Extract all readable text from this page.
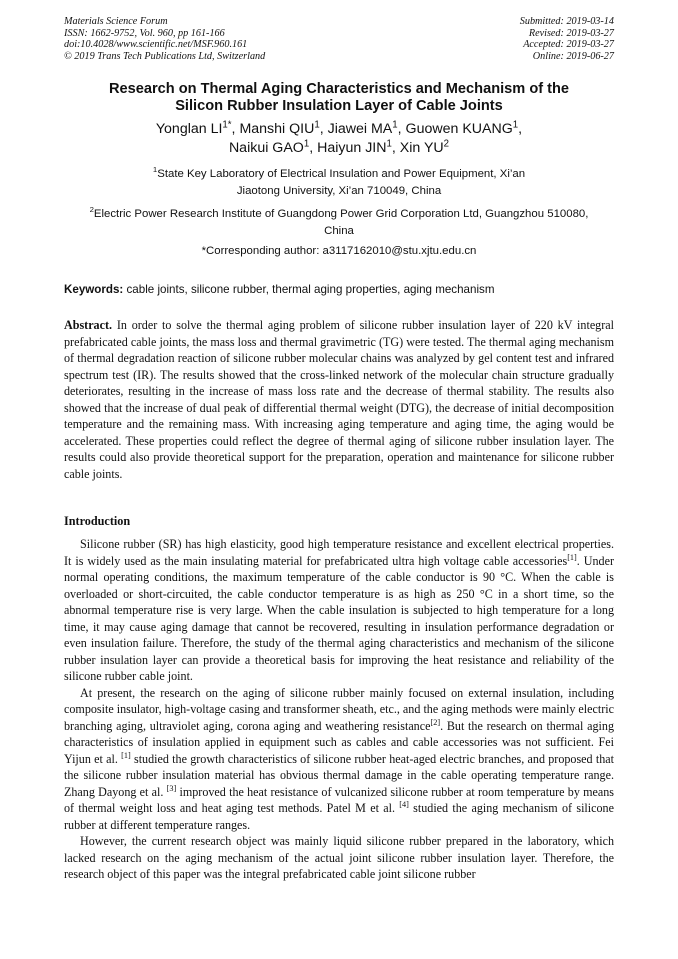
Materials Science Forum
ISSN: 1662-9752, Vol. 960, pp 161-166
doi:10.4028/www.scientific.net/MSF.960.161
© 2019 Trans Tech Publications Ltd, Switzerland
Submitted: 2019-03-14
Revised: 2019-03-27
Accepted: 2019-03-27
Online: 2019-06-27
Research on Thermal Aging Characteristics and Mechanism of the
Silicon Rubber Insulation Layer of Cable Joints
Yonglan $LI^{1*}$, Manshi QIU$^1$, Jiawei $MA^1$, Guowen KUANG$^1$,
Naikui GAO$^1$, Haiyun JIN$^1$, Xin $YU^2$
$^1$State Key Laboratory of Electrical Insulation and Power Equipment, Xi’an
Jiaotong University, Xi’an 710049, China
$^2$Electric Power Research Institute of Guangdong Power Grid Corporation Ltd, Guangzhou 510080,
China
*Corresponding author: a3117162010@stu.xjtu.edu.cn
Keywords: cable joints, silicone rubber, thermal aging properties, aging mechanism
Abstract. In order to solve the thermal aging problem of silicone rubber insulation layer of 220 kV integral prefabricated cable joints, the mass loss and thermal gravimetric (TG) were tested. The thermal aging mechanism of thermal degradation reaction of silicone rubber molecular chains was analyzed by gel content test and infrared spectrum test (IR). The results showed that the cross-linked network of the molecular chain structure gradually deteriorates, resulting in the increase of mass loss rate and the decrease of thermal stability. The results also showed that the increase of dual peak of differential thermal weight (DTG), the decrease of initial decomposition temperature and the remaining mass. With increasing aging temperature and aging time, the aging would be accelerated. These properties could reflect the degree of thermal aging of silicone rubber insulation layer. The results could also provide theoretical support for the preparation, operation and maintenance for silicone rubber cable joints.
Introduction

Silicone rubber (SR) has high elasticity, good high temperature resistance and excellent electrical properties. It is widely used as the main insulating material for prefabricated ultra high voltage cable accessories[1]. Under normal operating conditions, the maximum temperature of the cable conductor is 90 °C. When the cable is overloaded or short-circuited, the cable conductor temperature is as high as 250 °C in a short time, so the abnormal temperature rise is very large. When the cable insulation is subjected to high temperature for a long time, it may cause aging damage that cannot be recovered, resulting in insulation performance degradation or even insulation failure. Therefore, the study of the thermal aging characteristics and mechanism of the silicone rubber insulation layer can provide a theoretical basis for improving the heat resistance and reliability of the silicone rubber cable joint.

At present, the research on the aging of silicone rubber mainly focused on external insulation, including composite insulator, high-voltage casing and transformer sheath, etc., and the aging methods were mainly electric branching aging, ultraviolet aging, corona aging and weathering resistance[2]. But the research on thermal aging characteristics of insulation applied in equipment such as cables and cable accessories was not sufficient. Fei Yijun et al. [1] studied the growth characteristics of silicone rubber heat-aged electric branches, and proposed that the silicone rubber insulation material has obvious thermal damage in the cable operating temperature range. Zhang Dayong et al. [3] improved the heat resistance of vulcanized silicone rubber at room temperature by means of thermal weight loss and heat aging test methods. Patel M et al. [4] studied the aging mechanism of silicone rubber at different temperature ranges.

However, the current research object was mainly liquid silicone rubber prepared in the laboratory, which lacked research on the aging mechanism of the actual joint silicone rubber insulation layer. Therefore, the research object of this paper was the integral prefabricated cable joint silicone rubber
